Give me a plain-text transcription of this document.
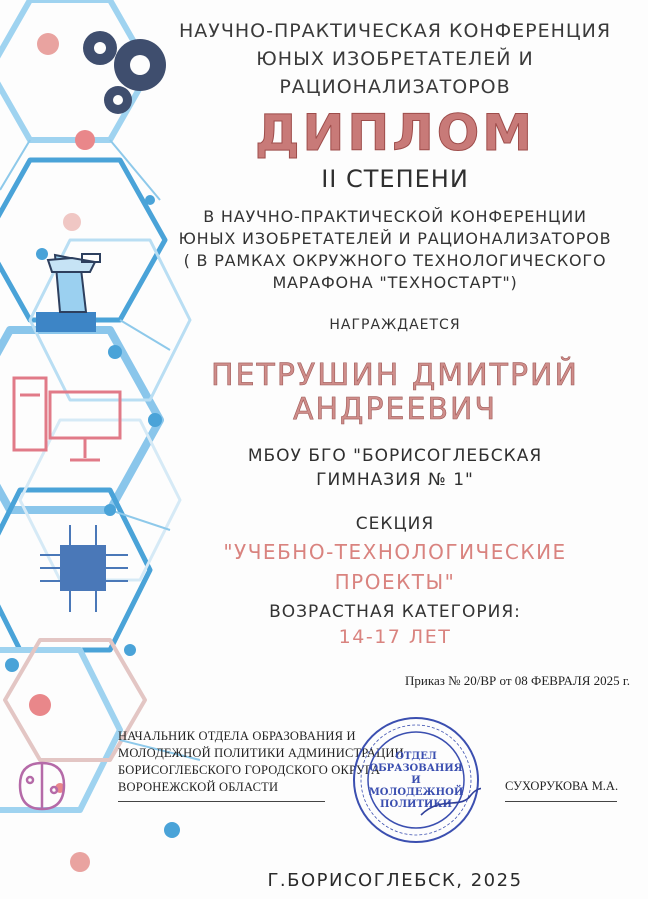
НАУЧНО-ПРАКТИЧЕСКАЯ КОНФЕРЕНЦИЯ
ЮНЫХ ИЗОБРЕТАТЕЛЕЙ И
РАЦИОНАЛИЗАТОРОВ
ДИПЛОМ
II СТЕПЕНИ
В НАУЧНО-ПРАКТИЧЕСКОЙ КОНФЕРЕНЦИИ
ЮНЫХ ИЗОБРЕТАТЕЛЕЙ И РАЦИОНАЛИЗАТОРОВ
( В РАМКАХ ОКРУЖНОГО ТЕХНОЛОГИЧЕСКОГО
МАРАФОНА "ТЕХНОСТАРТ")
НАГРАЖДАЕТСЯ
ПЕТРУШИН ДМИТРИЙ
АНДРЕЕВИЧ
МБОУ БГО "БОРИСОГЛЕБСКАЯ
ГИМНАЗИЯ № 1"
СЕКЦИЯ
"УЧЕБНО-ТЕХНОЛОГИЧЕСКИЕ
ПРОЕКТЫ"
ВОЗРАСТНАЯ КАТЕГОРИЯ:
14-17 ЛЕТ
Приказ № 20/ВР от 08 ФЕВРАЛЯ 2025 г.
НАЧАЛЬНИК ОТДЕЛА ОБРАЗОВАНИЯ И
МОЛОДЕЖНОЙ ПОЛИТИКИ АДМИНИСТРАЦИИ
БОРИСОГЛЕБСКОГО ГОРОДСКОГО ОКРУГА
ВОРОНЕЖСКОЙ ОБЛАСТИ
ОТДЕЛ
ОБРАЗОВАНИЯ
И
МОЛОДЕЖНОЙ
ПОЛИТИКИ
СУХОРУКОВА М.А.
Г.БОРИСОГЛЕБСК, 2025
